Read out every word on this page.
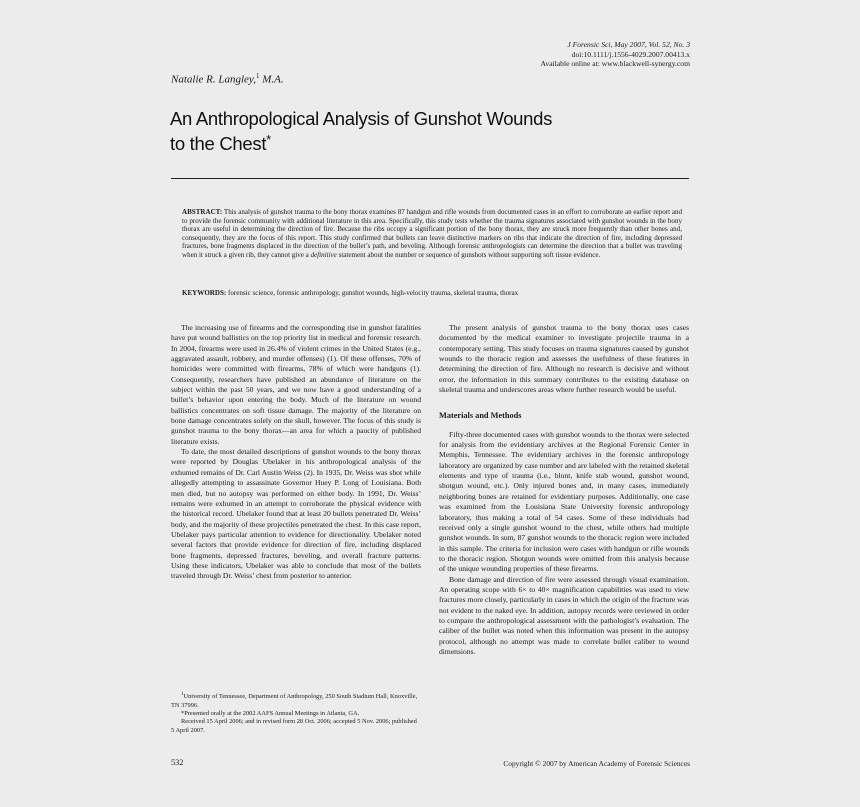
J Forensic Sci, May 2007, Vol. 52, No. 3
doi:10.1111/j.1556-4029.2007.00413.x
Available online at: www.blackwell-synergy.com
Natalie R. Langley,$^1$ M.A.
An Anthropological Analysis of Gunshot Wounds
to the Chest*
ABSTRACT: This analysis of gunshot trauma to the bony thorax examines 87 handgun and rifle wounds from documented cases in an effort to corroborate an earlier report and to provide the forensic community with additional literature in this area. Specifically, this study tests whether the trauma signatures associated with gunshot wounds in the bony thorax are useful in determining the direction of fire. Because the ribs occupy a significant portion of the bony thorax, they are struck more frequently than other bones and, consequently, they are the focus of this report. This study confirmed that bullets can leave distinctive markers on ribs that indicate the direction of fire, including depressed fractures, bone fragments displaced in the direction of the bullet’s path, and beveling. Although forensic anthropologists can determine the direction that a bullet was traveling when it struck a given rib, they cannot give a definitive statement about the number or sequence of gunshots without supporting soft tissue evidence.
KEYWORDS: forensic science, forensic anthropology, gunshot wounds, high-velocity trauma, skeletal trauma, thorax

The increasing use of firearms and the corresponding rise in gunshot fatalities have put wound ballistics on the top priority list in medical and forensic research. In 2004, firearms were used in 26.4% of violent crimes in the United States (e.g., aggravated assault, robbery, and murder offenses) (1). Of these offenses, 70% of homicides were committed with firearms, 78% of which were handguns (1). Consequently, researchers have published an abundance of literature on the subject within the past 50 years, and we now have a good understanding of a bullet’s behavior upon entering the body. Much of the literature on wound ballistics concentrates on soft tissue damage. The majority of the literature on bone damage concentrates solely on the skull, however. The focus of this study is gunshot trauma to the bony thorax—an area for which a paucity of published literature exists.

To date, the most detailed descriptions of gunshot wounds to the bony thorax were reported by Douglas Ubelaker in his anthropological analysis of the exhumed remains of Dr. Carl Austin Weiss (2). In 1935, Dr. Weiss was shot while allegedly attempting to assassinate Governor Huey P. Long of Louisiana. Both men died, but no autopsy was performed on either body. In 1991, Dr. Weiss’ remains were exhumed in an attempt to corroborate the physical evidence with the historical record. Ubelaker found that at least 20 bullets penetrated Dr. Weiss’ body, and the majority of these projectiles penetrated the chest. In this case report, Ubelaker pays particular attention to evidence for directionality. Ubelaker noted several factors that provide evidence for direction of fire, including displaced bone fragments, depressed fractures, beveling, and overall fracture patterns. Using these indicators, Ubelaker was able to conclude that most of the bullets traveled through Dr. Weiss’ chest from posterior to anterior.

The present analysis of gunshot trauma to the bony thorax uses cases documented by the medical examiner to investigate projectile trauma in a contemporary setting. This study focuses on trauma signatures caused by gunshot wounds to the thoracic region and assesses the usefulness of these features in determining the direction of fire. Although no research is decisive and without error, the information in this summary contributes to the existing database on skeletal trauma and underscores areas where further research would be useful.

Materials and Methods

Fifty-three documented cases with gunshot wounds to the thorax were selected for analysis from the evidentiary archives at the Regional Forensic Center in Memphis, Tennessee. The evidentiary archives in the forensic anthropology laboratory are organized by case number and are labeled with the retained skeletal elements and type of trauma (i.e., blunt, knife stab wound, gunshot wound, shotgun wound, etc.). Only injured bones and, in many cases, immediately neighboring bones are retained for evidentiary purposes. Additionally, one case was examined from the Louisiana State University forensic anthropology laboratory, thus making a total of 54 cases. Some of these individuals had received only a single gunshot wound to the chest, while others had multiple gunshot wounds. In sum, 87 gunshot wounds to the thoracic region were included in this sample. The criteria for inclusion were cases with handgun or rifle wounds to the thoracic region. Shotgun wounds were omitted from this analysis because of the unique wounding properties of these firearms.

Bone damage and direction of fire were assessed through visual examination. An operating scope with 6× to 40× magnification capabilities was used to view fractures more closely, particularly in cases in which the origin of the fracture was not evident to the naked eye. In addition, autopsy records were reviewed in order to compare the anthropological assessment with the pathologist’s evaluation. The caliber of the bullet was noted when this information was present in the autopsy protocol, although no attempt was made to correlate bullet caliber to wound dimensions.

$^1$University of Tennessee, Department of Anthropology, 250 South Stadium Hall, Knoxville, TN 37996.

*Presented orally at the 2002 AAFS Annual Meetings in Atlanta, GA.

Received 15 April 2006; and in revised form 28 Oct. 2006; accepted 5 Nov. 2006; published 5 April 2007.

532	Copyright © 2007 by American Academy of Forensic Sciences
